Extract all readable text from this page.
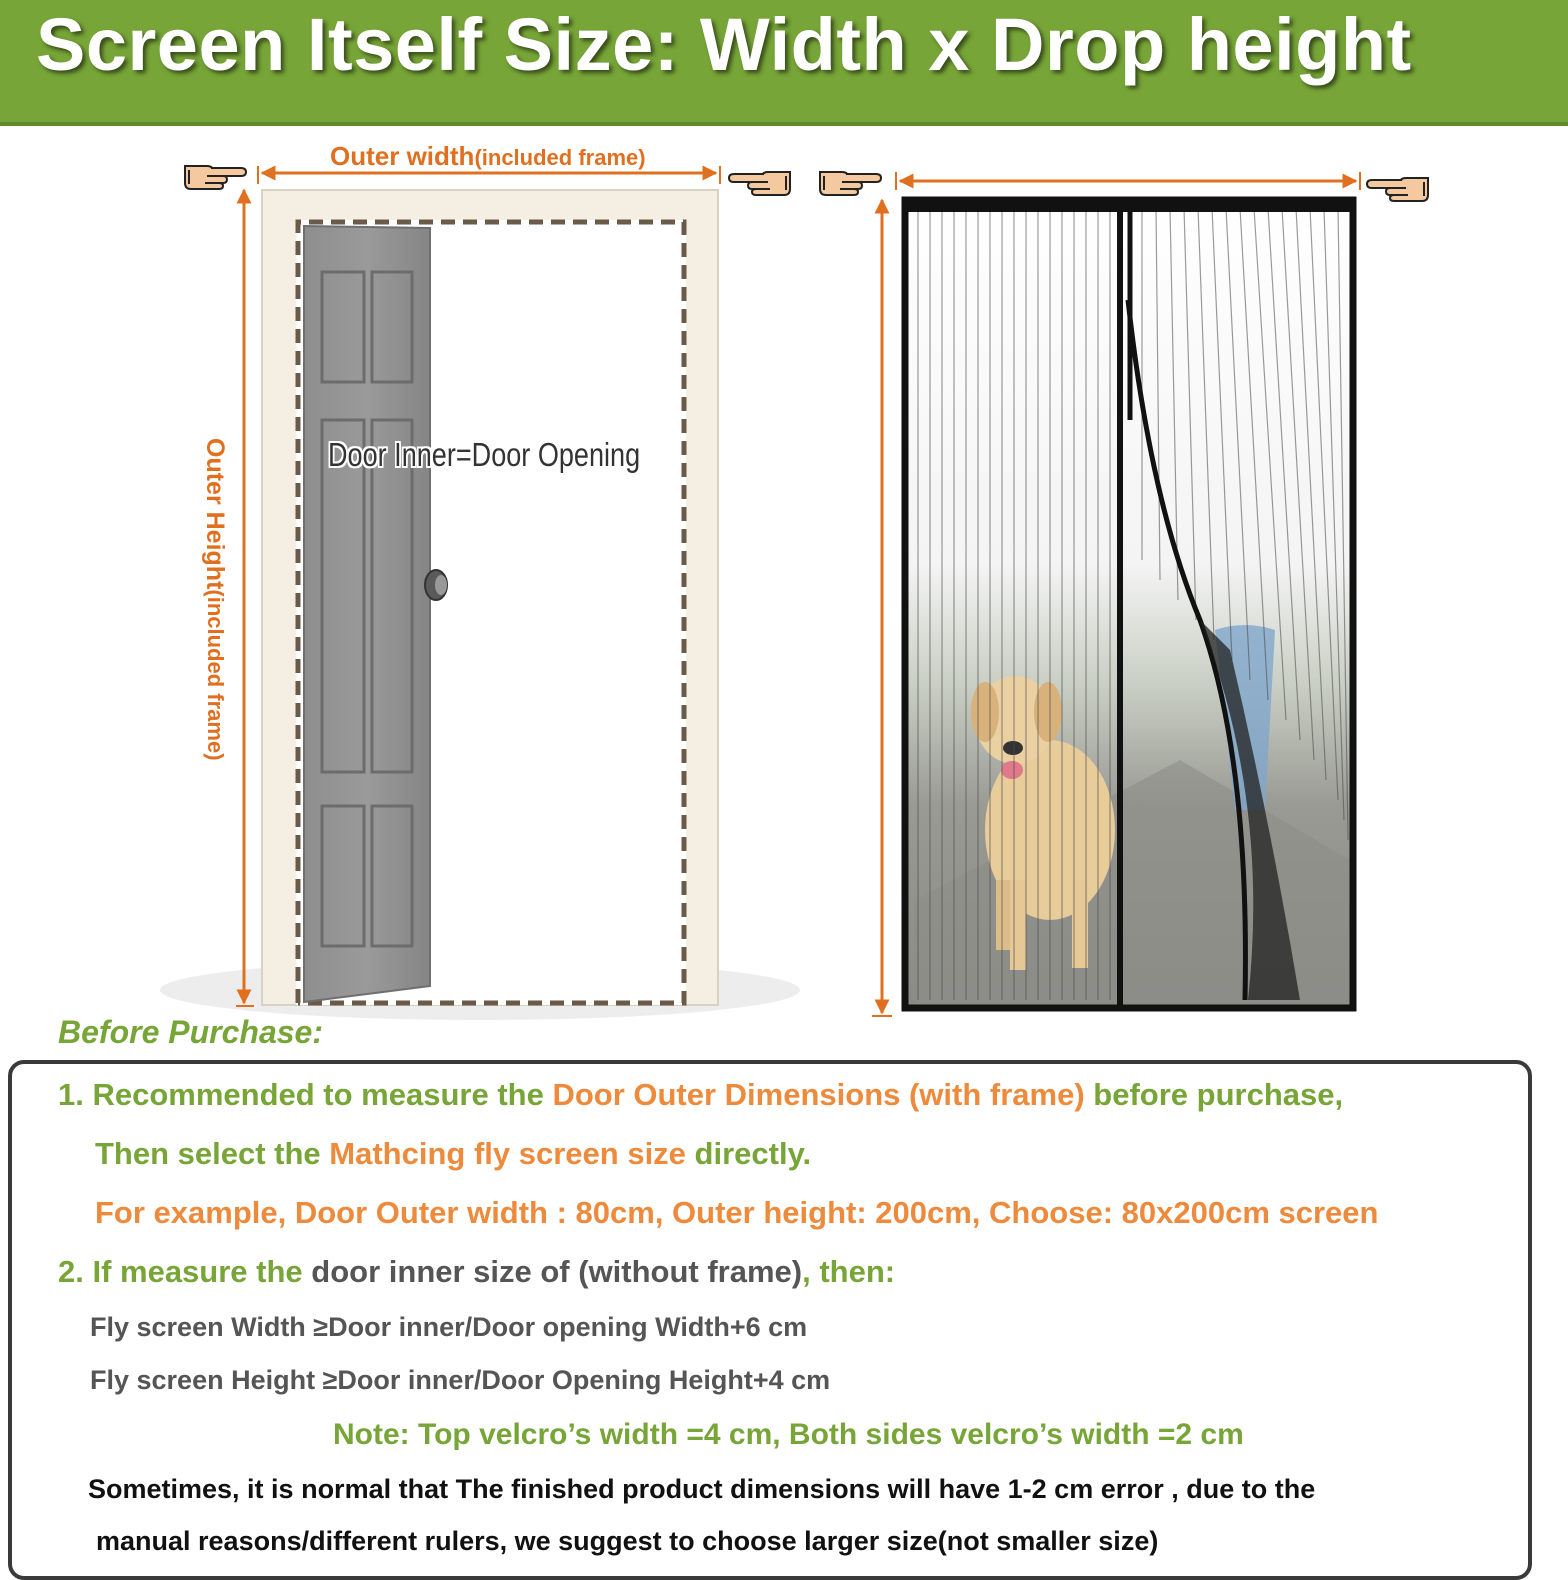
Screen Itself Size: Width x Drop height
Outer width(included frame)
Outer Height(included frame)
Door Inner=Door Opening
Before Purchase:
1. Recommended to measure the Door Outer Dimensions (with frame) before purchase,
Then select the Mathcing fly screen size directly.
For example, Door Outer width : 80cm, Outer height: 200cm, Choose: 80x200cm screen
2. If measure the door inner size of (without frame), then:
Fly screen Width ≥Door inner/Door opening Width+6 cm
Fly screen Height ≥Door inner/Door Opening Height+4 cm
Note: Top velcro’s width =4 cm, Both sides velcro’s width =2 cm
Sometimes, it is normal that The finished product dimensions will have 1-2 cm error , due to the
manual reasons/different rulers, we suggest to choose larger size(not smaller size)
